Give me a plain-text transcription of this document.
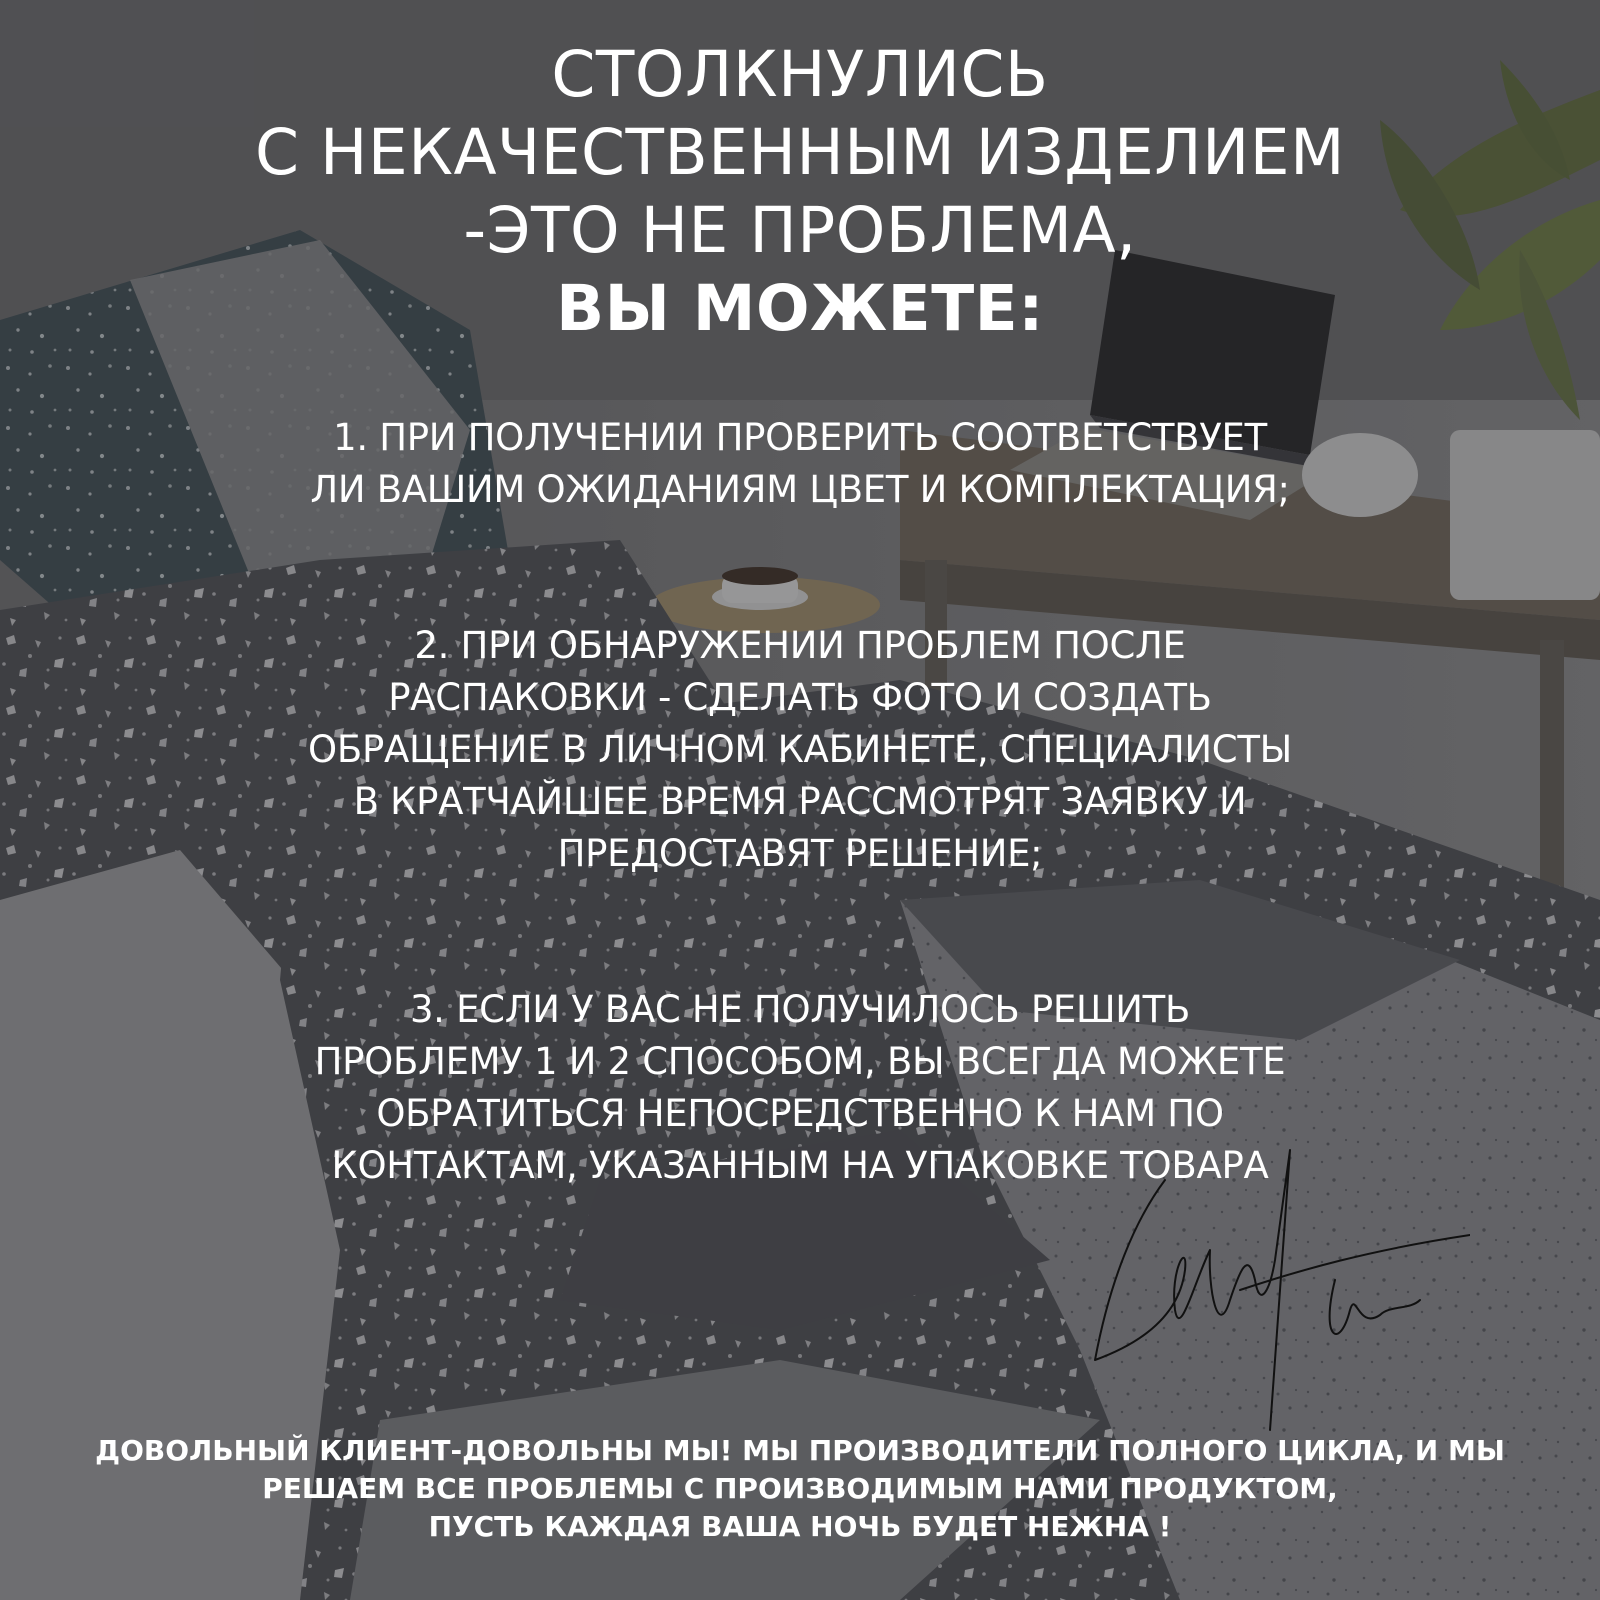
СТОЛКНУЛИСЬ
С НЕКАЧЕСТВЕННЫМ ИЗДЕЛИЕМ
-ЭТО НЕ ПРОБЛЕМА,
ВЫ МОЖЕТЕ:
1. ПРИ ПОЛУЧЕНИИ ПРОВЕРИТЬ СООТВЕТСТВУЕТ
ЛИ ВАШИМ ОЖИДАНИЯМ ЦВЕТ И КОМПЛЕКТАЦИЯ;
2. ПРИ ОБНАРУЖЕНИИ ПРОБЛЕМ ПОСЛЕ
РАСПАКОВКИ - СДЕЛАТЬ ФОТО И СОЗДАТЬ
ОБРАЩЕНИЕ В ЛИЧНОМ КАБИНЕТЕ, СПЕЦИАЛИСТЫ
В КРАТЧАЙШЕЕ ВРЕМЯ РАССМОТРЯТ ЗАЯВКУ И
ПРЕДОСТАВЯТ РЕШЕНИЕ;
3. ЕСЛИ У ВАС НЕ ПОЛУЧИЛОСЬ РЕШИТЬ
ПРОБЛЕМУ 1 И 2 СПОСОБОМ, ВЫ ВСЕГДА МОЖЕТЕ
ОБРАТИТЬСЯ НЕПОСРЕДСТВЕННО К НАМ ПО
КОНТАКТАМ, УКАЗАННЫМ НА УПАКОВКЕ ТОВАРА
ДОВОЛЬНЫЙ КЛИЕНТ-ДОВОЛЬНЫ МЫ! МЫ ПРОИЗВОДИТЕЛИ ПОЛНОГО ЦИКЛА, И МЫ
РЕШАЕМ ВСЕ ПРОБЛЕМЫ С ПРОИЗВОДИМЫМ НАМИ ПРОДУКТОМ,
ПУСТЬ КАЖДАЯ ВАША НОЧЬ БУДЕТ НЕЖНА !
